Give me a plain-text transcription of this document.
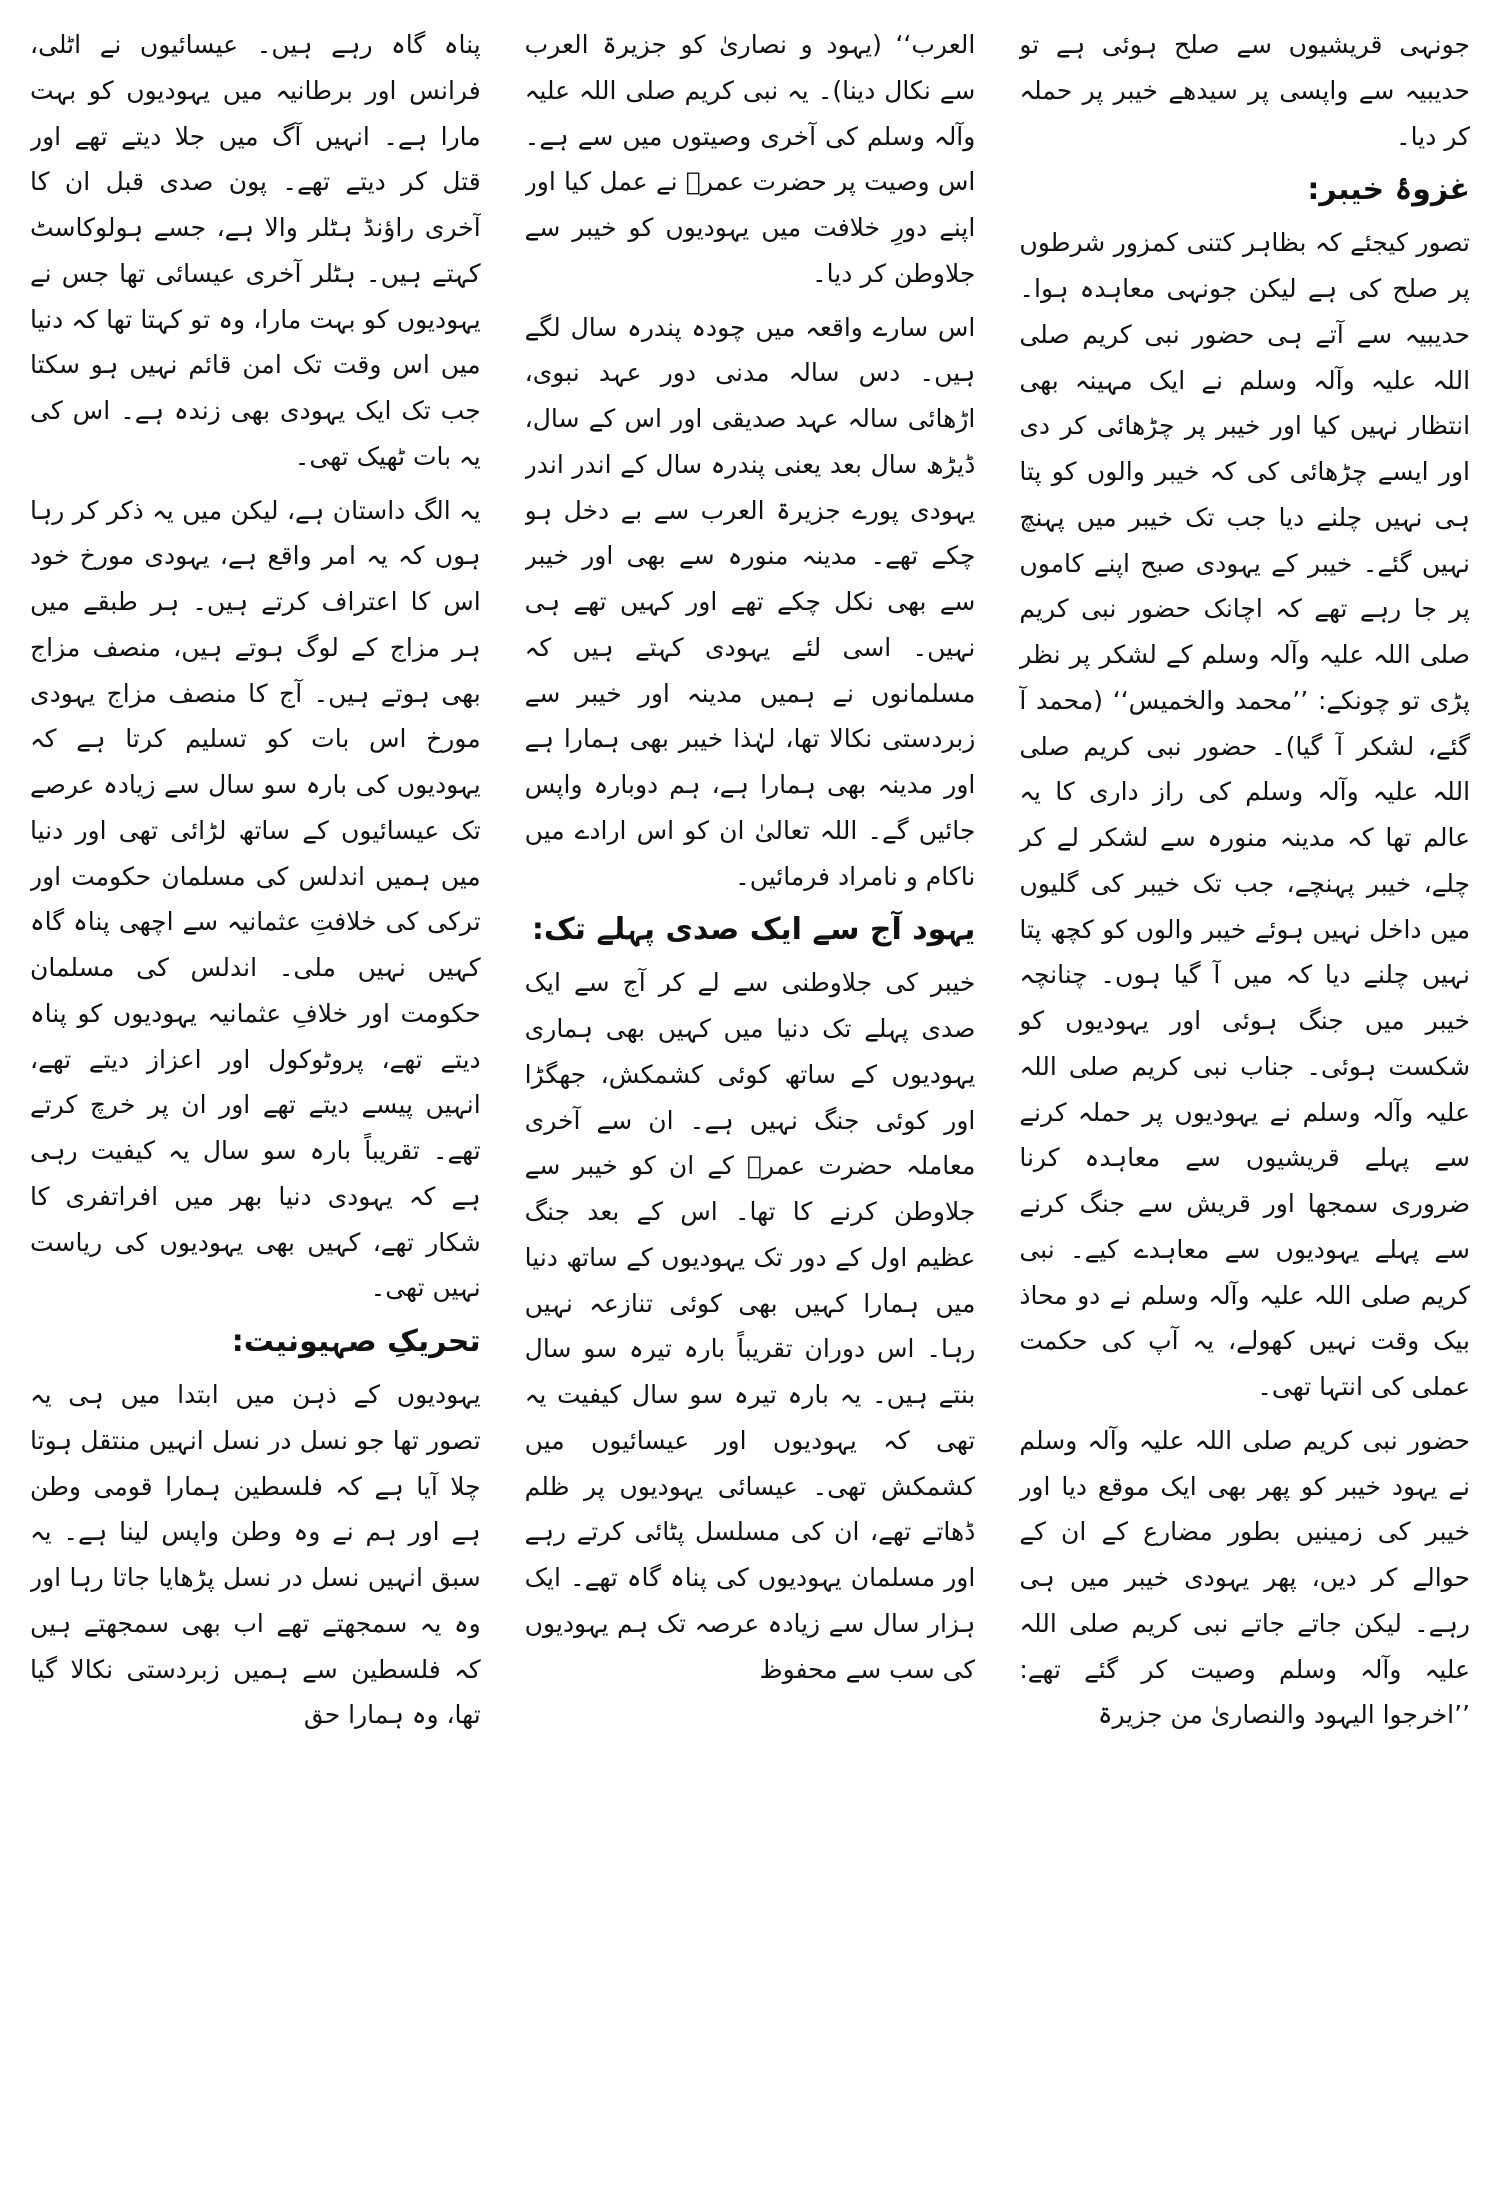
پناہ گاہ رہے ہیں۔ عیسائیوں نے اٹلی، فرانس اور برطانیہ میں یہودیوں کو بہت مارا ہے۔ انہیں آگ میں جلا دیتے تھے اور قتل کر دیتے تھے۔ پون صدی قبل ان کا آخری راؤنڈ ہٹلر والا ہے، جسے ہولوکاسٹ کہتے ہیں۔ ہٹلر آخری عیسائی تھا جس نے یہودیوں کو بہت مارا، وہ تو کہتا تھا کہ دنیا میں اس وقت تک امن قائم نہیں ہو سکتا جب تک ایک یہودی بھی زندہ ہے۔ اس کی یہ بات ٹھیک تھی۔

یہ الگ داستان ہے، لیکن میں یہ ذکر کر رہا ہوں کہ یہ امر واقع ہے، یہودی مورخ خود اس کا اعتراف کرتے ہیں۔ ہر طبقے میں ہر مزاج کے لوگ ہوتے ہیں، منصف مزاج بھی ہوتے ہیں۔ آج کا منصف مزاج یہودی مورخ اس بات کو تسلیم کرتا ہے کہ یہودیوں کی بارہ سو سال سے زیادہ عرصے تک عیسائیوں کے ساتھ لڑائی تھی اور دنیا میں ہمیں اندلس کی مسلمان حکومت اور ترکی کی خلافتِ عثمانیہ سے اچھی پناہ گاہ کہیں نہیں ملی۔ اندلس کی مسلمان حکومت اور خلافِ عثمانیہ یہودیوں کو پناہ دیتے تھے، پروٹوکول اور اعزاز دیتے تھے، انہیں پیسے دیتے تھے اور ان پر خرچ کرتے تھے۔ تقریباً بارہ سو سال یہ کیفیت رہی ہے کہ یہودی دنیا بھر میں افراتفری کا شکار تھے، کہیں بھی یہودیوں کی ریاست نہیں تھی۔

تحریکِ صہیونیت:

یہودیوں کے ذہن میں ابتدا میں ہی یہ تصور تھا جو نسل در نسل انہیں منتقل ہوتا چلا آیا ہے کہ فلسطین ہمارا قومی وطن ہے اور ہم نے وہ وطن واپس لینا ہے۔ یہ سبق انہیں نسل در نسل پڑھایا جاتا رہا اور وہ یہ سمجھتے تھے اب بھی سمجھتے ہیں کہ فلسطین سے ہمیں زبردستی نکالا گیا تھا، وہ ہمارا حق

العرب‘‘ (یہود و نصاریٰ کو جزیرۃ العرب سے نکال دینا)۔ یہ نبی کریم صلی اللہ علیہ وآلہ وسلم کی آخری وصیتوں میں سے ہے۔ اس وصیت پر حضرت عمرؓ نے عمل کیا اور اپنے دورِ خلافت میں یہودیوں کو خیبر سے جلاوطن کر دیا۔

اس سارے واقعہ میں چودہ پندرہ سال لگے ہیں۔ دس سالہ مدنی دور عہد نبوی، اڑھائی سالہ عہد صدیقی اور اس کے سال، ڈیڑھ سال بعد یعنی پندرہ سال کے اندر اندر یہودی پورے جزیرۃ العرب سے بے دخل ہو چکے تھے۔ مدینہ منورہ سے بھی اور خیبر سے بھی نکل چکے تھے اور کہیں تھے ہی نہیں۔ اسی لئے یہودی کہتے ہیں کہ مسلمانوں نے ہمیں مدینہ اور خیبر سے زبردستی نکالا تھا، لہٰذا خیبر بھی ہمارا ہے اور مدینہ بھی ہمارا ہے، ہم دوبارہ واپس جائیں گے۔ اللہ تعالیٰ ان کو اس ارادے میں ناکام و نامراد فرمائیں۔

یہود آج سے ایک صدی پہلے تک:

خیبر کی جلاوطنی سے لے کر آج سے ایک صدی پہلے تک دنیا میں کہیں بھی ہماری یہودیوں کے ساتھ کوئی کشمکش، جھگڑا اور کوئی جنگ نہیں ہے۔ ان سے آخری معاملہ حضرت عمرؓ کے ان کو خیبر سے جلاوطن کرنے کا تھا۔ اس کے بعد جنگ عظیم اول کے دور تک یہودیوں کے ساتھ دنیا میں ہمارا کہیں بھی کوئی تنازعہ نہیں رہا۔ اس دوران تقریباً بارہ تیرہ سو سال بنتے ہیں۔ یہ بارہ تیرہ سو سال کیفیت یہ تھی کہ یہودیوں اور عیسائیوں میں کشمکش تھی۔ عیسائی یہودیوں پر ظلم ڈھاتے تھے، ان کی مسلسل پٹائی کرتے رہے اور مسلمان یہودیوں کی پناہ گاہ تھے۔ ایک ہزار سال سے زیادہ عرصہ تک ہم یہودیوں کی سب سے محفوظ

جونہی قریشیوں سے صلح ہوئی ہے تو حدیبیہ سے واپسی پر سیدھے خیبر پر حملہ کر دیا۔

غزوۂ خیبر:

تصور کیجئے کہ بظاہر کتنی کمزور شرطوں پر صلح کی ہے لیکن جونہی معاہدہ ہوا۔ حدیبیہ سے آتے ہی حضور نبی کریم صلی اللہ علیہ وآلہ وسلم نے ایک مہینہ بھی انتظار نہیں کیا اور خیبر پر چڑھائی کر دی اور ایسے چڑھائی کی کہ خیبر والوں کو پتا ہی نہیں چلنے دیا جب تک خیبر میں پہنچ نہیں گئے۔ خیبر کے یہودی صبح اپنے کاموں پر جا رہے تھے کہ اچانک حضور نبی کریم صلی اللہ علیہ وآلہ وسلم کے لشکر پر نظر پڑی تو چونکے: ’’محمد والخمیس‘‘ (محمد آ گئے، لشکر آ گیا)۔ حضور نبی کریم صلی اللہ علیہ وآلہ وسلم کی راز داری کا یہ عالم تھا کہ مدینہ منورہ سے لشکر لے کر چلے، خیبر پہنچے، جب تک خیبر کی گلیوں میں داخل نہیں ہوئے خیبر والوں کو کچھ پتا نہیں چلنے دیا کہ میں آ گیا ہوں۔ چنانچہ خیبر میں جنگ ہوئی اور یہودیوں کو شکست ہوئی۔ جناب نبی کریم صلی اللہ علیہ وآلہ وسلم نے یہودیوں پر حملہ کرنے سے پہلے قریشیوں سے معاہدہ کرنا ضروری سمجھا اور قریش سے جنگ کرنے سے پہلے یہودیوں سے معاہدے کیے۔ نبی کریم صلی اللہ علیہ وآلہ وسلم نے دو محاذ بیک وقت نہیں کھولے، یہ آپ کی حکمت عملی کی انتہا تھی۔

حضور نبی کریم صلی اللہ علیہ وآلہ وسلم نے یہود خیبر کو پھر بھی ایک موقع دیا اور خیبر کی زمینیں بطور مضارع کے ان کے حوالے کر دیں، پھر یہودی خیبر میں ہی رہے۔ لیکن جاتے جاتے نبی کریم صلی اللہ علیہ وآلہ وسلم وصیت کر گئے تھے: ’’اخرجوا الیہود والنصاریٰ من جزیرۃ
